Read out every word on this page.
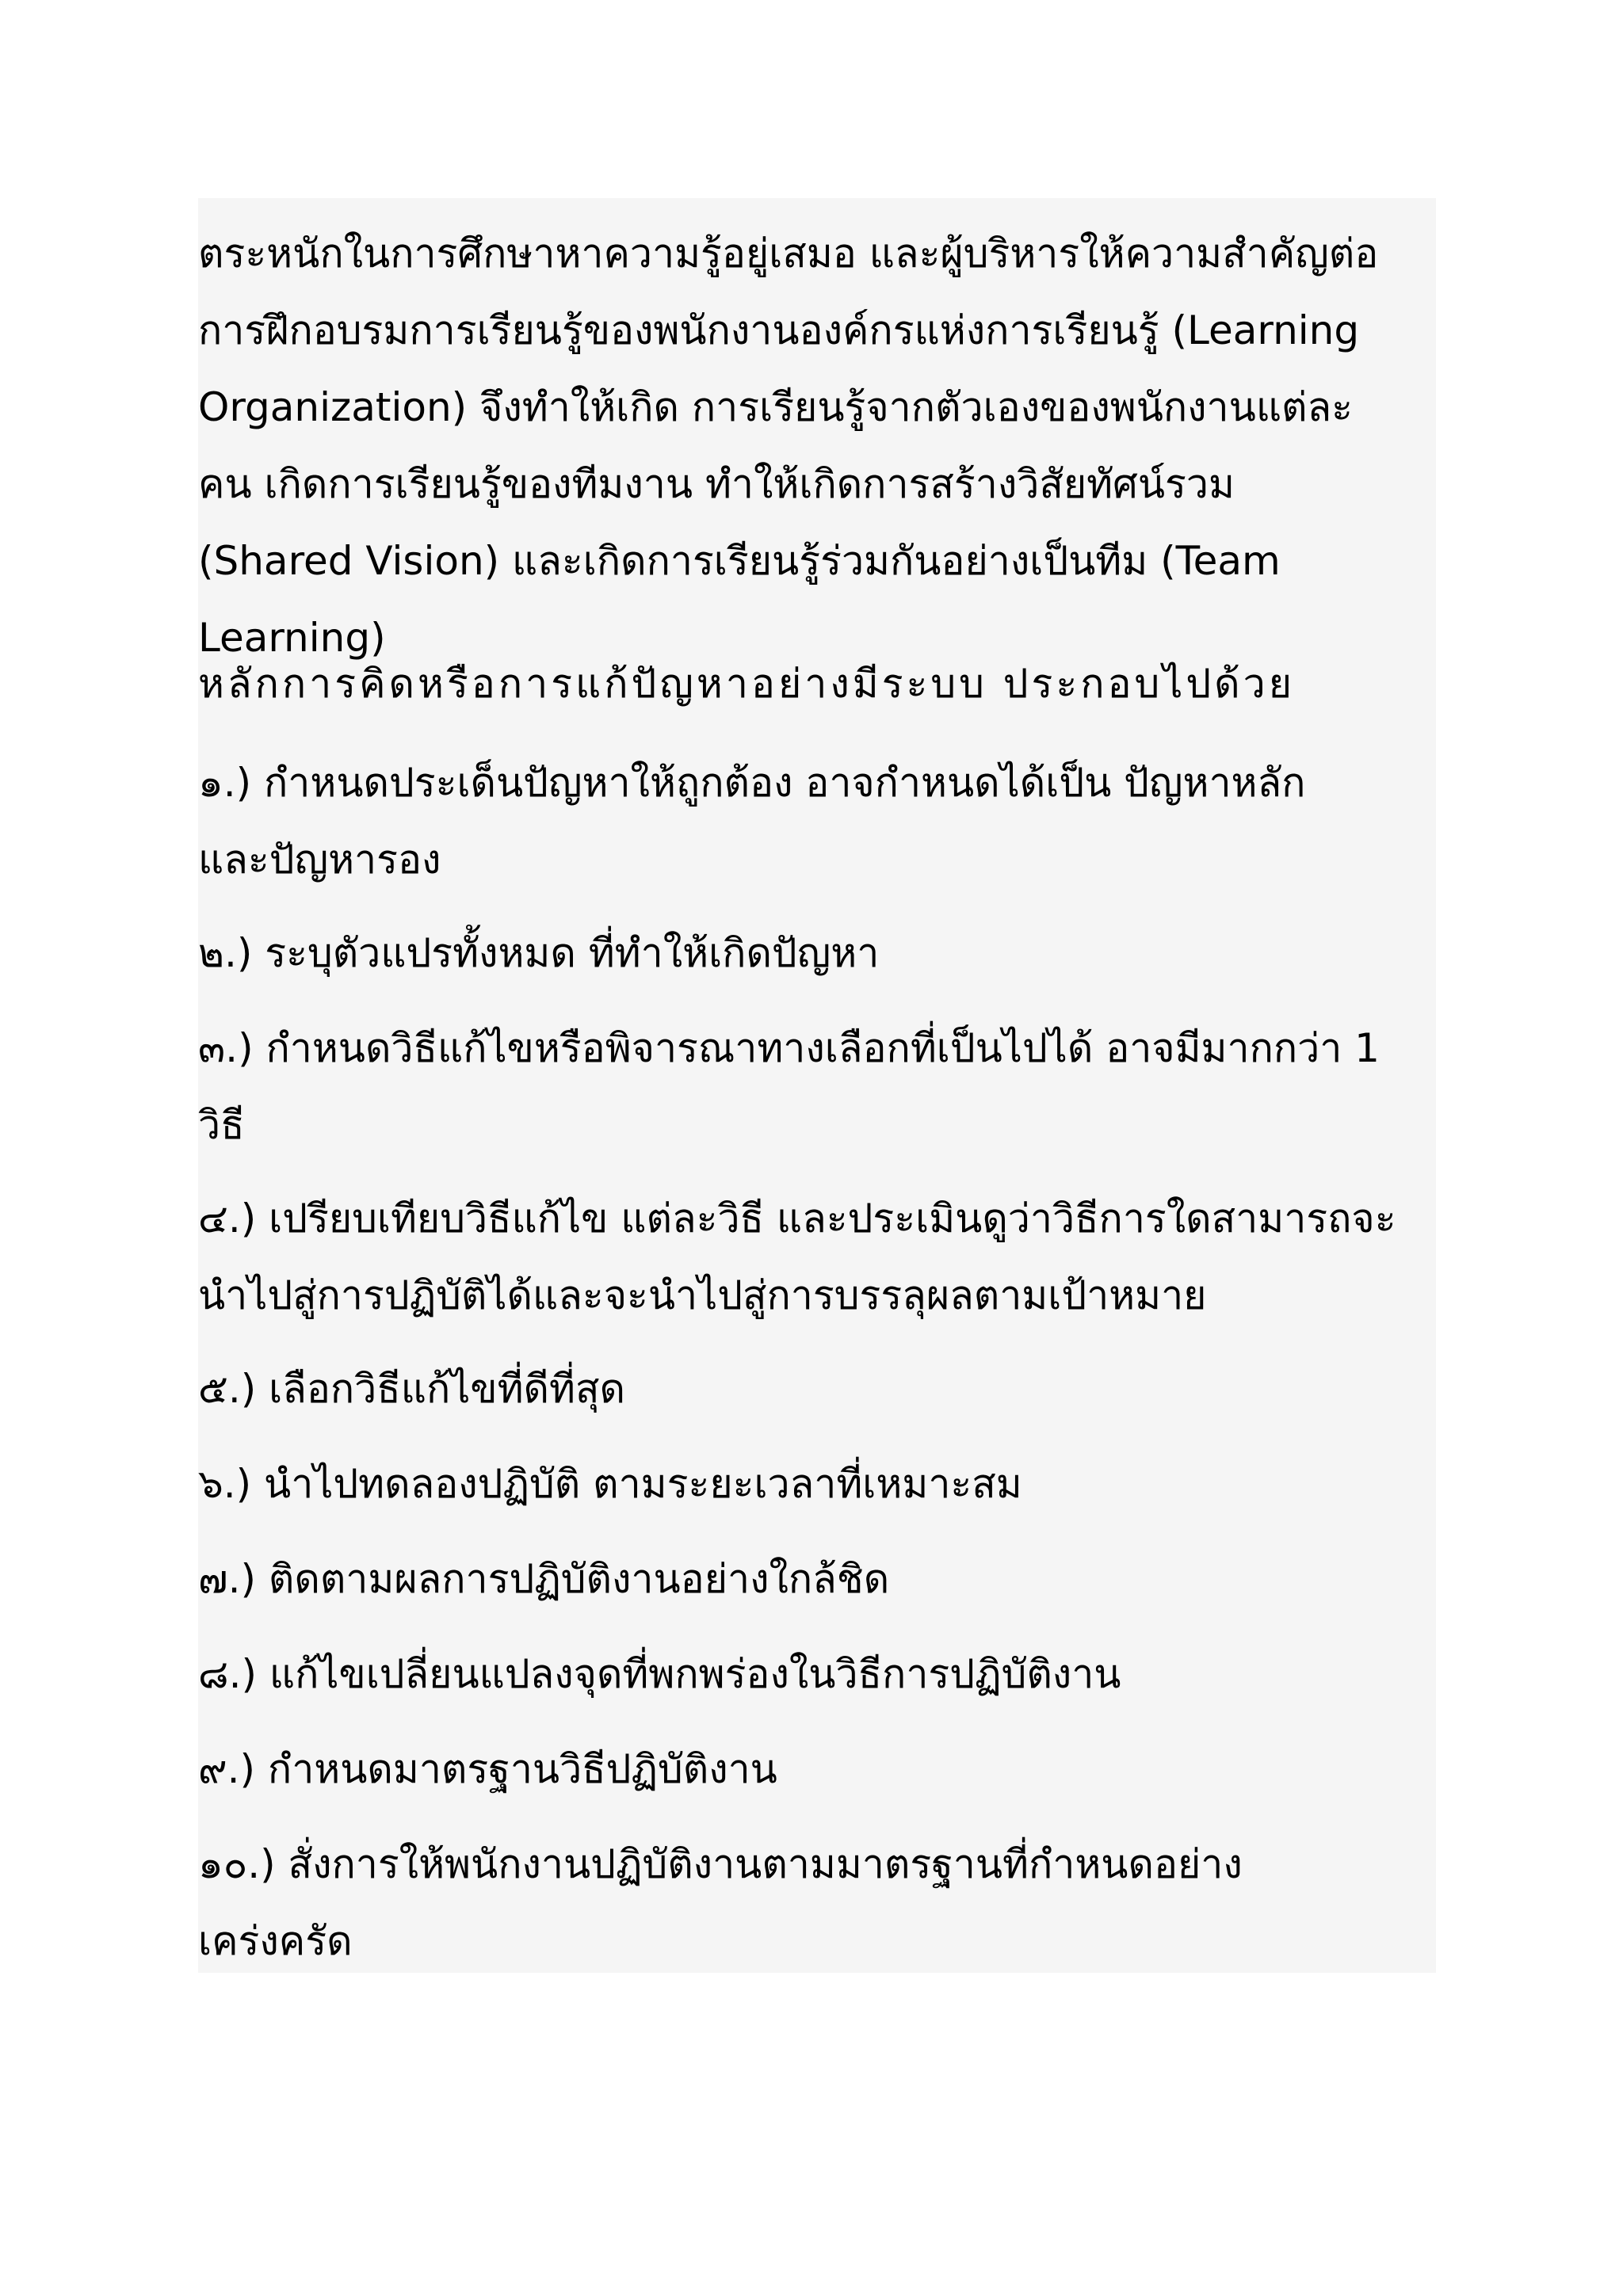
ตระหนักในการศึกษาหาความรู้อยู่เสมอ และผู้บริหารให้ความสำคัญต่อ
การฝึกอบรมการเรียนรู้ของพนักงานองค์กรแห่งการเรียนรู้ (Learning
Organization) จึงทำให้เกิด การเรียนรู้จากตัวเองของพนักงานแต่ละ
คน เกิดการเรียนรู้ของทีมงาน ทำให้เกิดการสร้างวิสัยทัศน์รวม
(Shared Vision) และเกิดการเรียนรู้ร่วมกันอย่างเป็นทีม (Team
Learning)
หลักการคิดหรือการแก้ปัญหาอย่างมีระบบ ประกอบไปด้วย
๑.) กำหนดประเด็นปัญหาให้ถูกต้อง อาจกำหนดได้เป็น ปัญหาหลัก
และปัญหารอง
๒.) ระบุตัวแปรทั้งหมด ที่ทำให้เกิดปัญหา
๓.) กำหนดวิธีแก้ไขหรือพิจารณาทางเลือกที่เป็นไปได้ อาจมีมากกว่า 1
วิธี
๔.) เปรียบเทียบวิธีแก้ไข แต่ละวิธี และประเมินดูว่าวิธีการใดสามารถจะ
นำไปสู่การปฏิบัติได้และจะนำไปสู่การบรรลุผลตามเป้าหมาย
๕.) เลือกวิธีแก้ไขที่ดีที่สุด
๖.) นำไปทดลองปฏิบัติ ตามระยะเวลาที่เหมาะสม
๗.) ติดตามผลการปฏิบัติงานอย่างใกล้ชิด
๘.) แก้ไขเปลี่ยนแปลงจุดที่พกพร่องในวิธีการปฏิบัติงาน
๙.) กำหนดมาตรฐานวิธีปฏิบัติงาน
๑๐.) สั่งการให้พนักงานปฏิบัติงานตามมาตรฐานที่กำหนดอย่าง
เคร่งครัด
